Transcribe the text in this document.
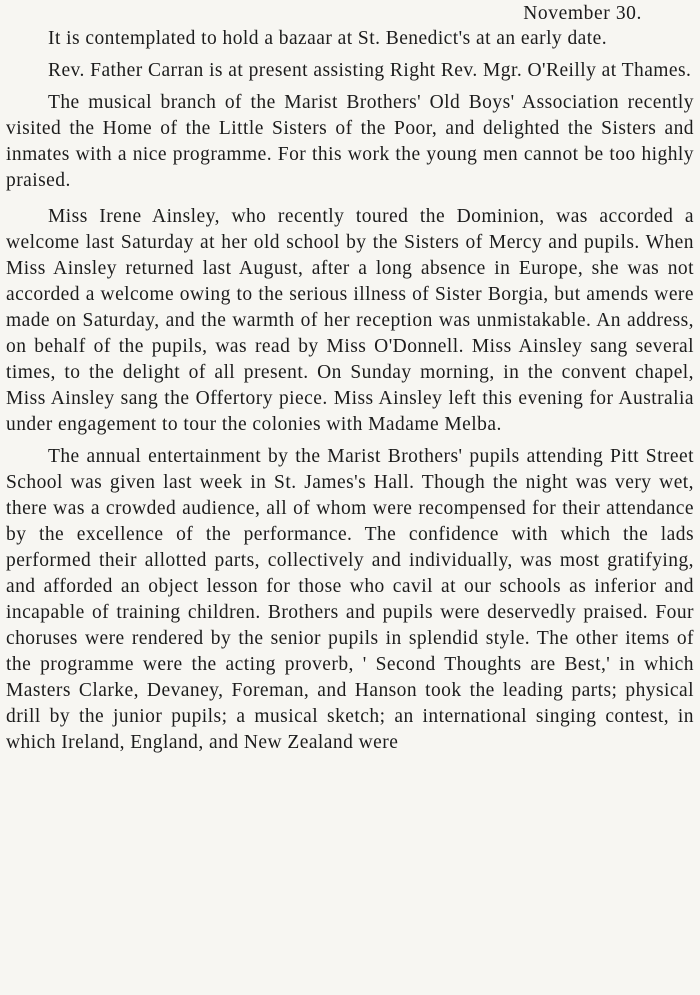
November 30.

It is contemplated to hold a bazaar at St. Benedict's at an early date.

Rev. Father Carran is at present assisting Right Rev. Mgr. O'Reilly at Thames.

The musical branch of the Marist Brothers' Old Boys' Association recently visited the Home of the Little Sisters of the Poor, and delighted the Sisters and inmates with a nice programme. For this work the young men cannot be too highly praised.

Miss Irene Ainsley, who recently toured the Dominion, was accorded a welcome last Saturday at her old school by the Sisters of Mercy and pupils. When Miss Ainsley returned last August, after a long absence in Europe, she was not accorded a welcome owing to the serious illness of Sister Borgia, but amends were made on Saturday, and the warmth of her reception was unmistakable. An address, on behalf of the pupils, was read by Miss O'Donnell. Miss Ainsley sang several times, to the delight of all present. On Sunday morning, in the convent chapel, Miss Ainsley sang the Offertory piece. Miss Ainsley left this evening for Australia under engagement to tour the colonies with Madame Melba.

The annual entertainment by the Marist Brothers' pupils attending Pitt Street School was given last week in St. James's Hall. Though the night was very wet, there was a crowded audience, all of whom were recompensed for their attendance by the excellence of the performance. The confidence with which the lads performed their allotted parts, collectively and individually, was most gratifying, and afforded an object lesson for those who cavil at our schools as inferior and incapable of training children. Brothers and pupils were deservedly praised. Four choruses were rendered by the senior pupils in splendid style. The other items of the programme were the acting proverb, ' Second Thoughts are Best,' in which Masters Clarke, Devaney, Foreman, and Hanson took the leading parts; physical drill by the junior pupils; a musical sketch; an international singing contest, in which Ireland, England, and New Zealand were
